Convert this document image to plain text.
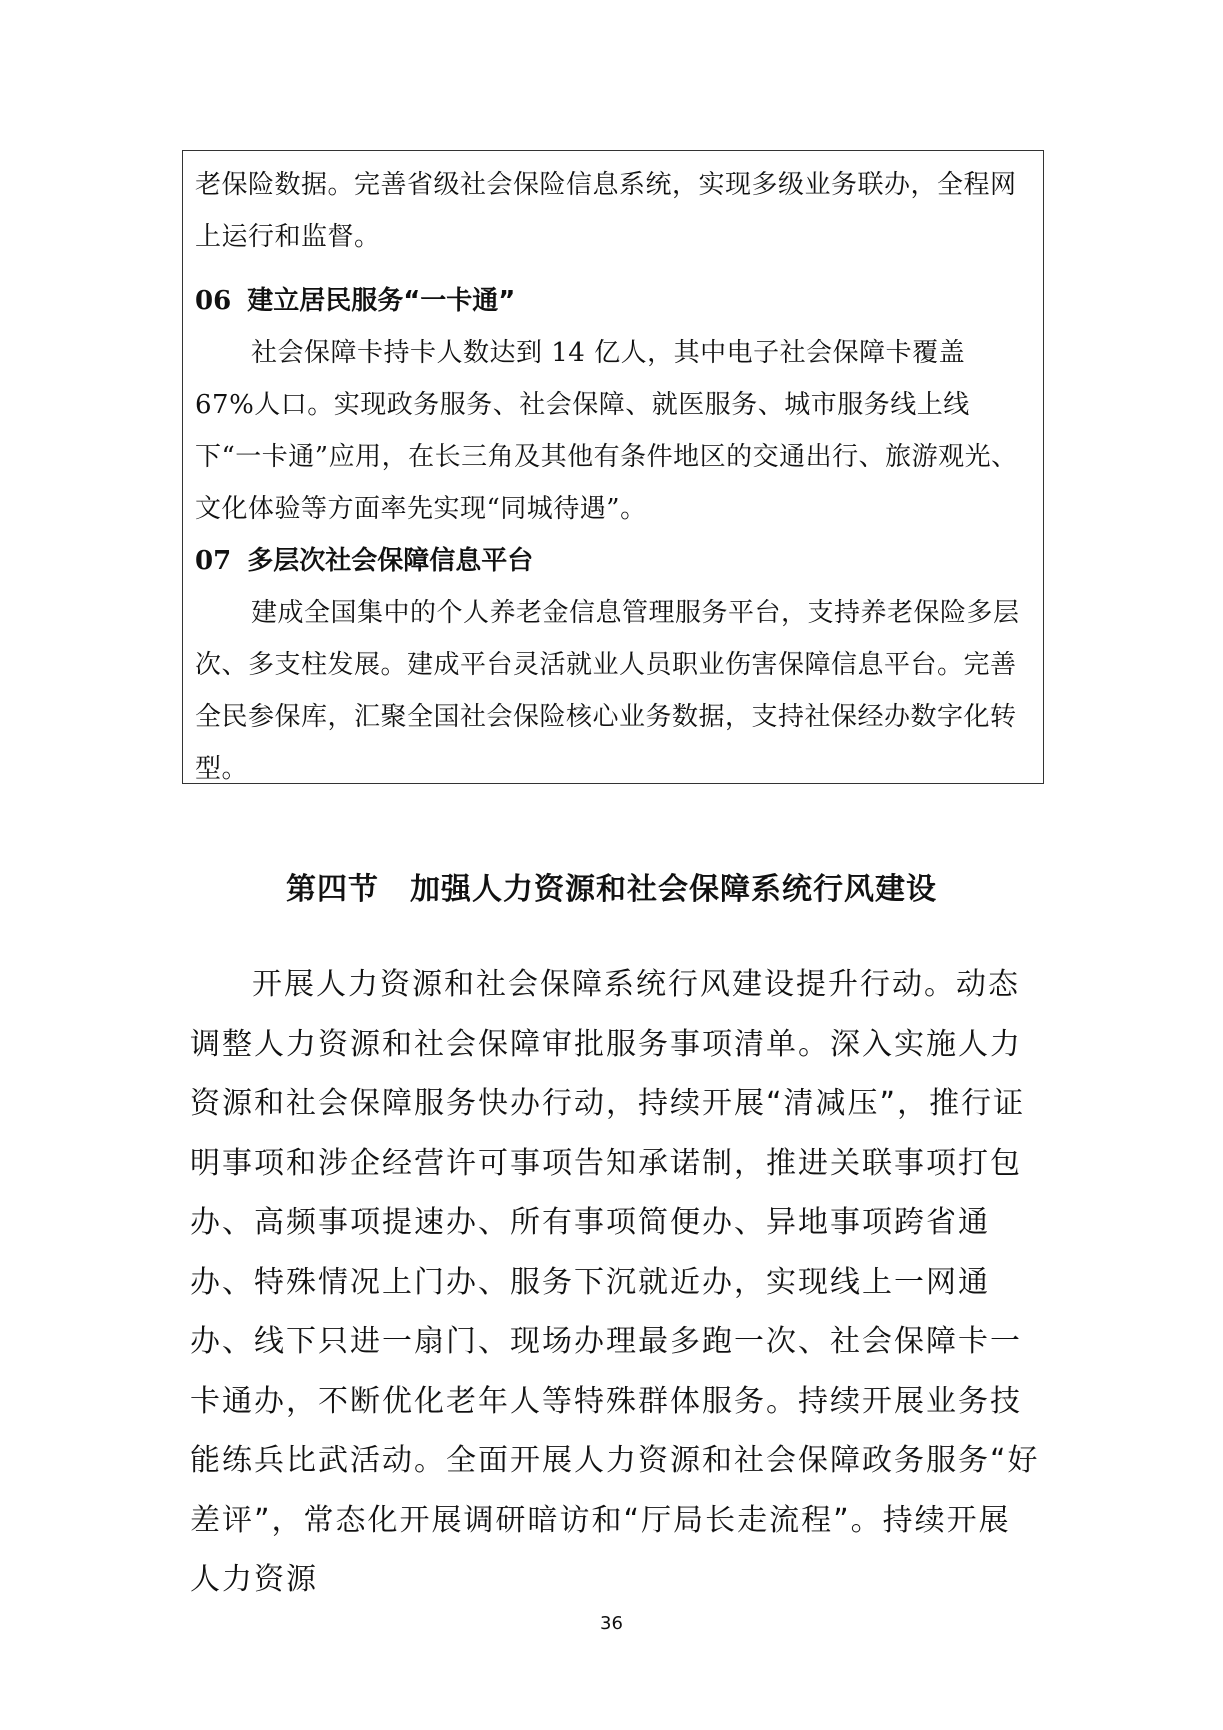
老保险数据。完善省级社会保险信息系统，实现多级业务联办，全程网上运行和监督。

06 建立居民服务“一卡通”

社会保障卡持卡人数达到 14 亿人，其中电子社会保障卡覆盖 67%人口。实现政务服务、社会保障、就医服务、城市服务线上线下“一卡通”应用，在长三角及其他有条件地区的交通出行、旅游观光、文化体验等方面率先实现“同城待遇”。

07 多层次社会保障信息平台

建成全国集中的个人养老金信息管理服务平台，支持养老保险多层次、多支柱发展。建成平台灵活就业人员职业伤害保障信息平台。完善全民参保库，汇聚全国社会保险核心业务数据，支持社保经办数字化转型。

第四节　加强人力资源和社会保障系统行风建设

开展人力资源和社会保障系统行风建设提升行动。动态调整人力资源和社会保障审批服务事项清单。深入实施人力资源和社会保障服务快办行动，持续开展“清减压”，推行证明事项和涉企经营许可事项告知承诺制，推进关联事项打包办、高频事项提速办、所有事项简便办、异地事项跨省通办、特殊情况上门办、服务下沉就近办，实现线上一网通办、线下只进一扇门、现场办理最多跑一次、社会保障卡一卡通办，不断优化老年人等特殊群体服务。持续开展业务技能练兵比武活动。全面开展人力资源和社会保障政务服务“好差评”，常态化开展调研暗访和“厅局长走流程”。持续开展人力资源

36
